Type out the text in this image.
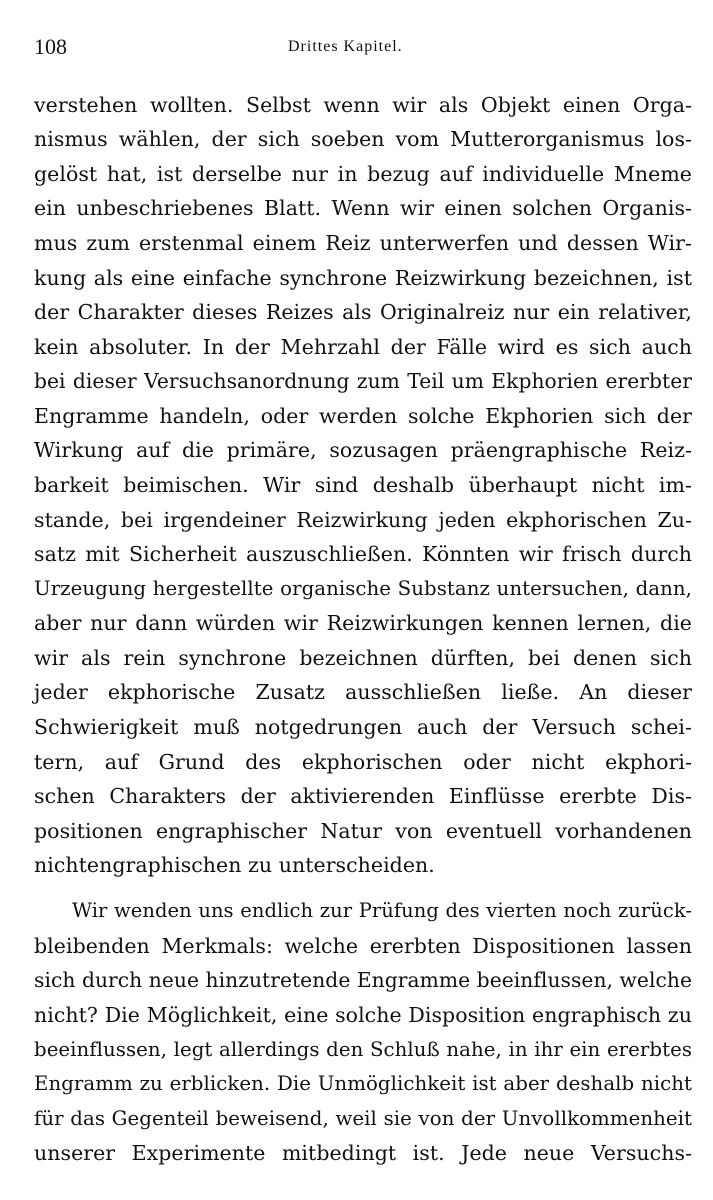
108	Drittes Kapitel.
verstehen wollten. Selbst wenn wir als Objekt einen Orga-
nismus wählen, der sich soeben vom Mutterorganismus los-
gelöst hat, ist derselbe nur in bezug auf individuelle Mneme
ein unbeschriebenes Blatt. Wenn wir einen solchen Organis-
mus zum erstenmal einem Reiz unterwerfen und dessen Wir-
kung als eine einfache synchrone Reizwirkung bezeichnen, ist
der Charakter dieses Reizes als Originalreiz nur ein relativer,
kein absoluter. In der Mehrzahl der Fälle wird es sich auch
bei dieser Versuchsanordnung zum Teil um Ekphorien ererbter
Engramme handeln, oder werden solche Ekphorien sich der
Wirkung auf die primäre, sozusagen präengraphische Reiz-
barkeit beimischen. Wir sind deshalb überhaupt nicht im-
stande, bei irgendeiner Reizwirkung jeden ekphorischen Zu-
satz mit Sicherheit auszuschließen. Könnten wir frisch durch
Urzeugung hergestellte organische Substanz untersuchen, dann,
aber nur dann würden wir Reizwirkungen kennen lernen, die
wir als rein synchrone bezeichnen dürften, bei denen sich
jeder ekphorische Zusatz ausschließen ließe. An dieser
Schwierigkeit muß notgedrungen auch der Versuch schei-
tern, auf Grund des ekphorischen oder nicht ekphori-
schen Charakters der aktivierenden Einflüsse ererbte Dis-
positionen engraphischer Natur von eventuell vorhandenen
nichtengraphischen zu unterscheiden.
Wir wenden uns endlich zur Prüfung des vierten noch zurück-
bleibenden Merkmals: welche ererbten Dispositionen lassen
sich durch neue hinzutretende Engramme beeinflussen, welche
nicht? Die Möglichkeit, eine solche Disposition engraphisch zu
beeinflussen, legt allerdings den Schluß nahe, in ihr ein ererbtes
Engramm zu erblicken. Die Unmöglichkeit ist aber deshalb nicht
für das Gegenteil beweisend, weil sie von der Unvollkommenheit
unserer Experimente mitbedingt ist. Jede neue Versuchs-
